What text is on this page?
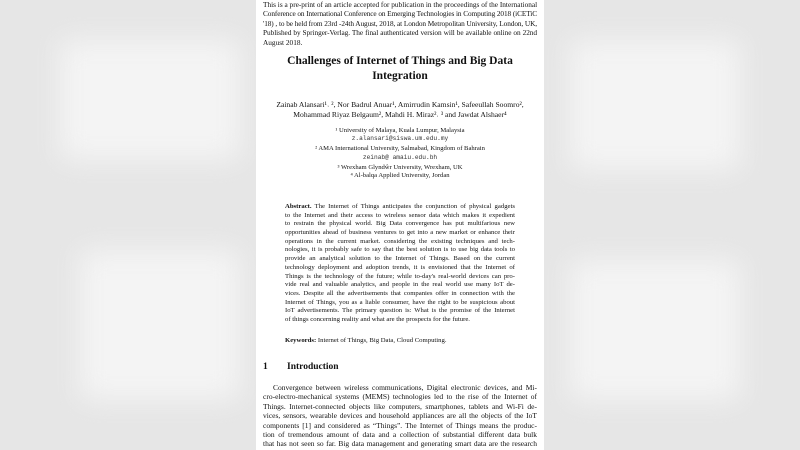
This is a pre-print of an article accepted for publication in the proceedings of the International
Conference on International Conference on Emerging Technologies in Computing 2018 (iCETiC
'18) , to be held from 23rd -24th August, 2018, at London Metropolitan University, London, UK,
Published by Springer-Verlag. The final authenticated version will be available online on 22nd
August 2018.
Challenges of Internet of Things and Big Data
Integration
Zainab Alansari¹˒ ², Nor Badrul Anuar¹, Amirrudin Kamsin¹, Safeeullah Soomro²,
Mohammad Riyaz Belgaum², Mahdi H. Miraz²˒ ³ and Jawdat Alshaer⁴
¹ University of Malaya, Kuala Lumpur, Malaysia
z.alansari@siswa.um.edu.my
² AMA International University, Salmabad, Kingdom of Bahrain
zeinab@ amaiu.edu.bh
³ Wrexham Glyndŵr University, Wrexham, UK
⁴ Al-balqa Applied University, Jordan
Abstract. The Internet of Things anticipates the conjunction of physical gadgets
to the Internet and their access to wireless sensor data which makes it expedient
to restrain the physical world. Big Data convergence has put multifarious new
opportunities ahead of business ventures to get into a new market or enhance their
operations in the current market. considering the existing techniques and tech-
nologies, it is probably safe to say that the best solution is to use big data tools to
provide an analytical solution to the Internet of Things. Based on the current
technology deployment and adoption trends, it is envisioned that the Internet of
Things is the technology of the future; while to-day's real-world devices can pro-
vide real and valuable analytics, and people in the real world use many IoT de-
vices. Despite all the advertisements that companies offer in connection with the
Internet of Things, you as a liable consumer, have the right to be suspicious about
IoT advertisements. The primary question is: What is the promise of the Internet
of things concerning reality and what are the prospects for the future.
Keywords: Internet of Things, Big Data, Cloud Computing.
1 Introduction
Convergence between wireless communications, Digital electronic devices, and Mi-
cro-electro-mechanical systems (MEMS) technologies led to the rise of the Internet of
Things. Internet-connected objects like computers, smartphones, tablets and Wi-Fi de-
vices, sensors, wearable devices and household appliances are all the objects of the IoT
components [1] and considered as “Things”. The Internet of Things means the produc-
tion of tremendous amount of data and a collection of substantial different data bulk
that has not seen so far. Big data management and generating smart data are the research
